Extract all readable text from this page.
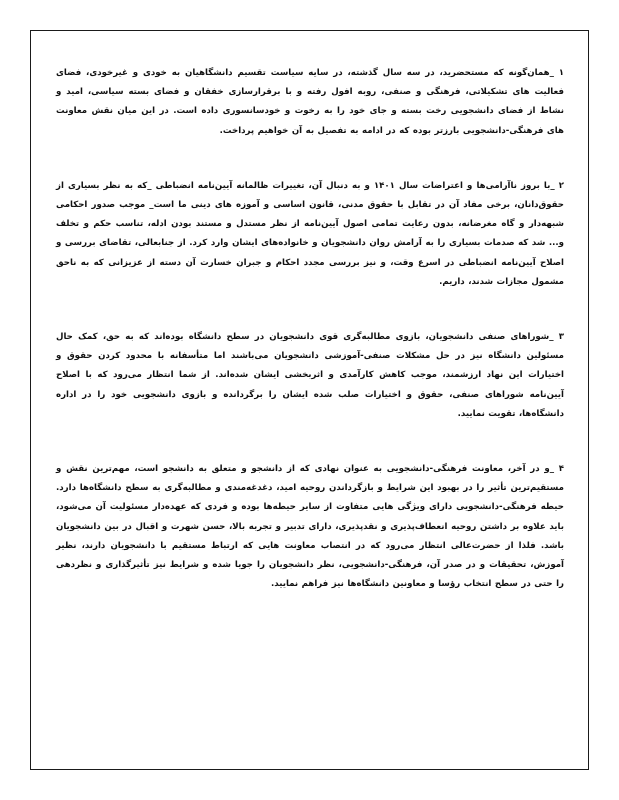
۱ _همان‌گونه که مستحضرید، در سه سال گذشته، در سایه سیاست تقسیم دانشگاهیان به خودی و غیرخودی، فضای فعالیت های تشکیلاتی، فرهنگی و صنفی، روبه افول رفته و با برقرارسازی خفقان و فضای بسته سیاسی، امید و نشاط از فضای دانشجویی رخت بسته و جای خود را به رخوت و خودسانسوری داده است. در این میان نقش معاونت های فرهنگی-دانشجویی بارزتر بوده که در ادامه به تفصیل به آن خواهیم پرداخت.

۲ _با بروز ناآرامی‌ها و اعتراضات سال ۱۴۰۱ و به دنبال آن، تغییرات ظالمانه آیین‌نامه انضباطی _که به نظر بسیاری از حقوق‌دانان، برخی مفاد آن در تقابل با حقوق مدنی، قانون اساسی و آموزه های دینی ما است_ موجب صدور احکامی شبهه‌دار و گاه مغرضانه، بدون رعایت تمامی اصول آیین‌نامه از نظر مستدل و مستند بودن ادله، تناسب حکم و تخلف و... شد که صدمات بسیاری را به آرامش روان دانشجویان و خانواده‌های ایشان وارد کرد. از جنابعالی، تقاضای بررسی و اصلاح آیین‌نامه انضباطی در اسرع وقت، و نیز بررسی مجدد احکام و جبران خسارت آن دسته از عزیزانی که به ناحق مشمول مجازات شدند، داریم.

۳ _شوراهای صنفی دانشجویان، بازوی مطالبه‌گری قوی دانشجویان در سطح دانشگاه بوده‌اند که به حق، کمک حال مسئولین دانشگاه نیز در حل مشکلات صنفی-آموزشی دانشجویان می‌باشند اما متأسفانه با محدود کردن حقوق و اختیارات این نهاد ارزشمند، موجب کاهش کارآمدی و اثربخشی ایشان شده‌اند. از شما انتظار می‌رود که با اصلاح آیین‌نامه شوراهای صنفی، حقوق و اختیارات صلب شده ایشان را برگردانده و بازوی دانشجویی خود را در اداره دانشگاه‌ها، تقویت نمایید.

۴ _و در آخر، معاونت فرهنگی-دانشجویی به عنوان نهادی که از دانشجو و متعلق به دانشجو است، مهم‌ترین نقش و مستقیم‌ترین تأثیر را در بهبود این شرایط و بازگرداندن روحیه امید، دغدغه‌مندی و مطالبه‌گری به سطح دانشگاه‌ها دارد. حیطه فرهنگی-دانشجویی دارای ویژگی هایی متفاوت از سایر حیطه‌ها بوده و فردی که عهده‌دار مسئولیت آن می‌شود، باید علاوه بر داشتن روحیه انعطاف‌پذیری و نقدپذیری، دارای تدبیر و تجربه بالا، حسن شهرت و اقبال در بین دانشجویان باشد. فلذا از حضرت‌عالی انتظار می‌رود که در انتصاب معاونت هایی که ارتباط مستقیم با دانشجویان دارند، نظیر آموزش، تحقیقات و در صدر آن، فرهنگی-دانشجویی، نظر دانشجویان را جویا شده و شرایط نیز تأثیرگذاری و نظردهی را حتی در سطح انتخاب رؤسا و معاونین دانشگاه‌ها نیز فراهم نمایید.
